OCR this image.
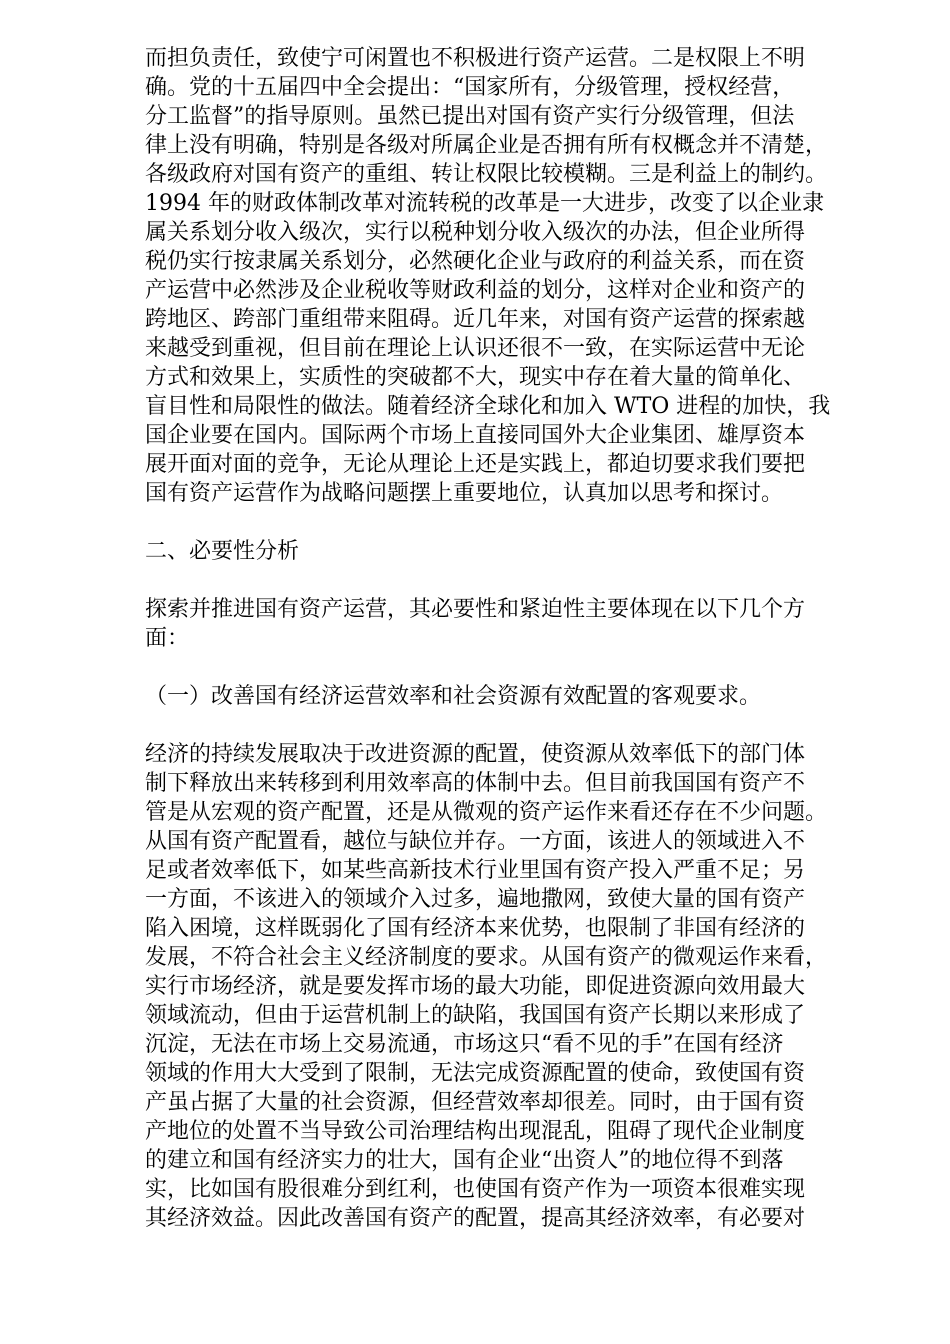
而担负责任，致使宁可闲置也不积极进行资产运营。二是权限上不明
确。党的十五届四中全会提出：“国家所有，分级管理，授权经营，
分工监督”的指导原则。虽然已提出对国有资产实行分级管理，但法
律上没有明确，特别是各级对所属企业是否拥有所有权概念并不清楚，
各级政府对国有资产的重组、转让权限比较模糊。三是利益上的制约。
1994 年的财政体制改革对流转税的改革是一大进步，改变了以企业隶
属关系划分收入级次，实行以税种划分收入级次的办法，但企业所得
税仍实行按隶属关系划分，必然硬化企业与政府的利益关系，而在资
产运营中必然涉及企业税收等财政利益的划分，这样对企业和资产的
跨地区、跨部门重组带来阻碍。近几年来，对国有资产运营的探索越
来越受到重视，但目前在理论上认识还很不一致，在实际运营中无论
方式和效果上，实质性的突破都不大，现实中存在着大量的简单化、
盲目性和局限性的做法。随着经济全球化和加入 WTO 进程的加快，我
国企业要在国内。国际两个市场上直接同国外大企业集团、雄厚资本
展开面对面的竞争，无论从理论上还是实践上，都迫切要求我们要把
国有资产运营作为战略问题摆上重要地位，认真加以思考和探讨。
二、必要性分析
探索并推进国有资产运营，其必要性和紧迫性主要体现在以下几个方
面：
（一）改善国有经济运营效率和社会资源有效配置的客观要求。
经济的持续发展取决于改进资源的配置，使资源从效率低下的部门体
制下释放出来转移到利用效率高的体制中去。但目前我国国有资产不
管是从宏观的资产配置，还是从微观的资产运作来看还存在不少问题。
从国有资产配置看，越位与缺位并存。一方面，该进人的领域进入不
足或者效率低下，如某些高新技术行业里国有资产投入严重不足；另
一方面，不该进入的领域介入过多，遍地撒网，致使大量的国有资产
陷入困境，这样既弱化了国有经济本来优势，也限制了非国有经济的
发展，不符合社会主义经济制度的要求。从国有资产的微观运作来看，
实行市场经济，就是要发挥市场的最大功能，即促进资源向效用最大
领域流动，但由于运营机制上的缺陷，我国国有资产长期以来形成了
沉淀，无法在市场上交易流通，市场这只“看不见的手”在国有经济
领域的作用大大受到了限制，无法完成资源配置的使命，致使国有资
产虽占据了大量的社会资源，但经营效率却很差。同时，由于国有资
产地位的处置不当导致公司治理结构出现混乱，阻碍了现代企业制度
的建立和国有经济实力的壮大，国有企业“出资人”的地位得不到落
实，比如国有股很难分到红利，也使国有资产作为一项资本很难实现
其经济效益。因此改善国有资产的配置，提高其经济效率，有必要对
